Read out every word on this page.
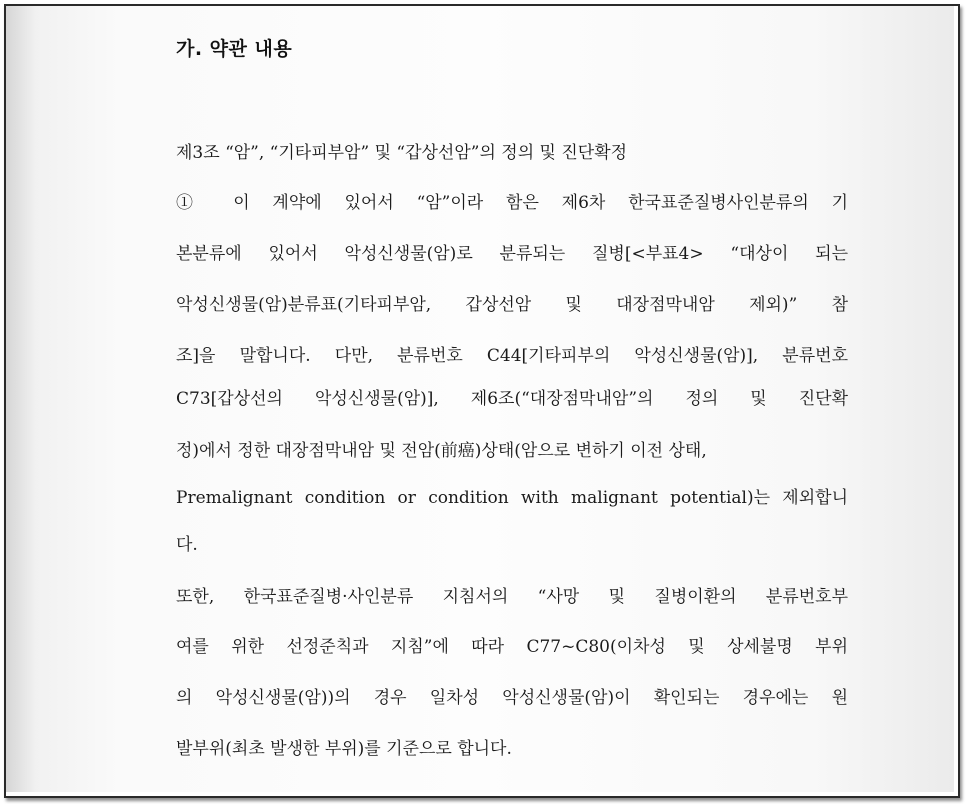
가. 약관 내용

제3조 “암”, “기타피부암” 및 “갑상선암”의 정의 및 진단확정

① 이 계약에 있어서 “암”이라 함은 제6차 한국표준질병사인분류의 기

본분류에 있어서 악성신생물(암)로 분류되는 질병[<부표4> “대상이 되는

악성신생물(암)분류표(기타피부암, 갑상선암 및 대장점막내암 제외)” 참

조]을 말합니다. 다만, 분류번호 C44[기타피부의 악성신생물(암)], 분류번호

C73[갑상선의 악성신생물(암)], 제6조(“대장점막내암”의 정의 및 진단확

정)에서 정한 대장점막내암 및 전암(前癌)상태(암으로 변하기 이전 상태,

Premalignant condition or condition with malignant potential)는 제외합니

다.

또한, 한국표준질병·사인분류 지침서의 “사망 및 질병이환의 분류번호부

여를 위한 선정준칙과 지침”에 따라 C77~C80(이차성 및 상세불명 부위

의 악성신생물(암))의 경우 일차성 악성신생물(암)이 확인되는 경우에는 원

발부위(최초 발생한 부위)를 기준으로 합니다.
